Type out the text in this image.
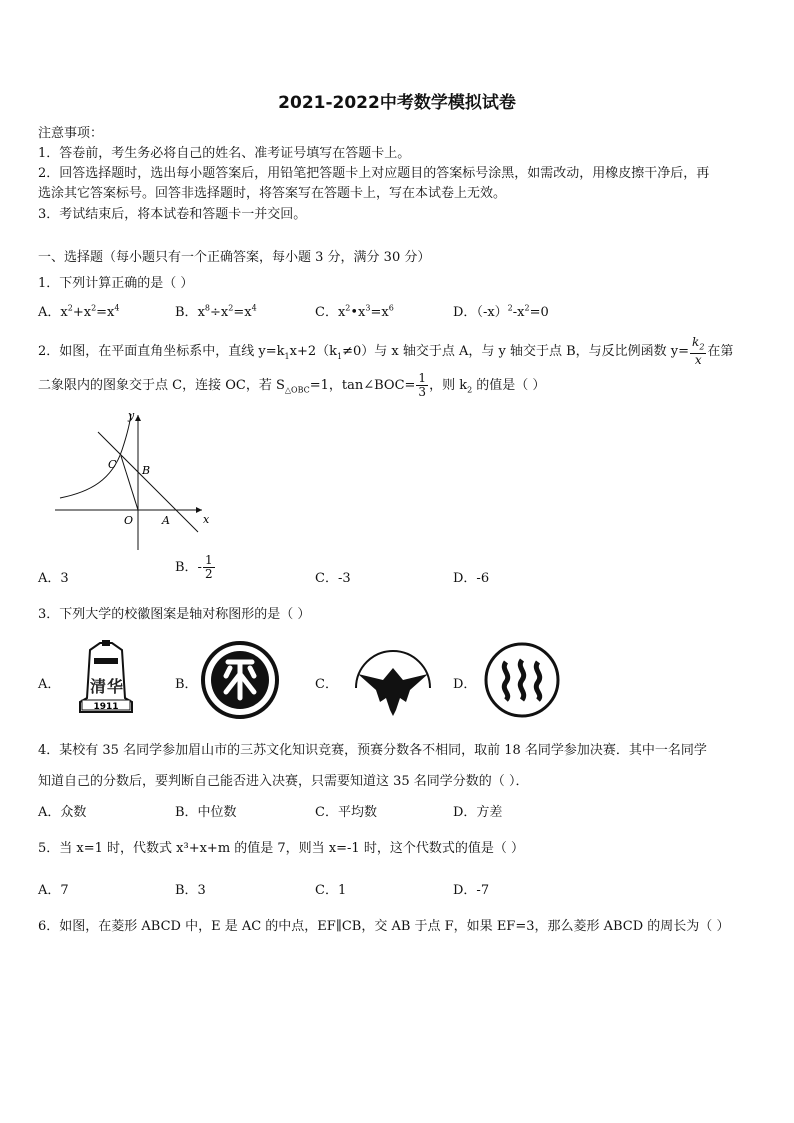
2021-2022中考数学模拟试卷
注意事项：
1．答卷前，考生务必将自己的姓名、准考证号填写在答题卡上。
2．回答选择题时，选出每小题答案后，用铅笔把答题卡上对应题目的答案标号涂黑，如需改动，用橡皮擦干净后，再
选涂其它答案标号。回答非选择题时，将答案写在答题卡上，写在本试卷上无效。
3．考试结束后，将本试卷和答题卡一并交回。
一、选择题（每小题只有一个正确答案，每小题 3 分，满分 30 分）
1．下列计算正确的是（ ）
A．$x^2+x^2=x^4$	B．$x^8\div x^2=x^4$	C．$x^2•x^3=x^6$	D．$(-x)^2-x^2=0$
2．如图，在平面直角坐标系中，直线 $y=k_1x+2(k_1\ne 0)$与 x 轴交于点 A，与 y 轴交于点 B，与反比例函数 $y= \frac{k_2}{x}$ 在第
二象限内的图象交于点 C，连接 OC，若 $S_{\triangle OBC}=1$，tan∠BOC= $\frac{1}{3}$ ，则 $k_2$ 的值是（ ）
y
x
C B
O	A
A．3
B．- $\frac{1}{2}$	C．-3	D．-6
3．下列大学的校徽图案是轴对称图形的是（ ）
A． 清 华
1911
B．	C．	D．
4．某校有 35 名同学参加眉山市的三苏文化知识竞赛，预赛分数各不相同，取前 18 名同学参加决赛．其中一名同学
知道自己的分数后，要判断自己能否进入决赛，只需要知道这 35 名同学分数的（ ）．
A．众数	B．中位数	C．平均数	D．方差
5．当 x=1 时，代数式 x³+x+m 的值是 7，则当 x=-1 时，这个代数式的值是（ ）
A．7	B．3	C．1	D．-7
6．如图，在菱形 ABCD 中，E 是 AC 的中点，EF∥CB，交 AB 于点 F，如果 EF=3，那么菱形 ABCD 的周长为（ ）
